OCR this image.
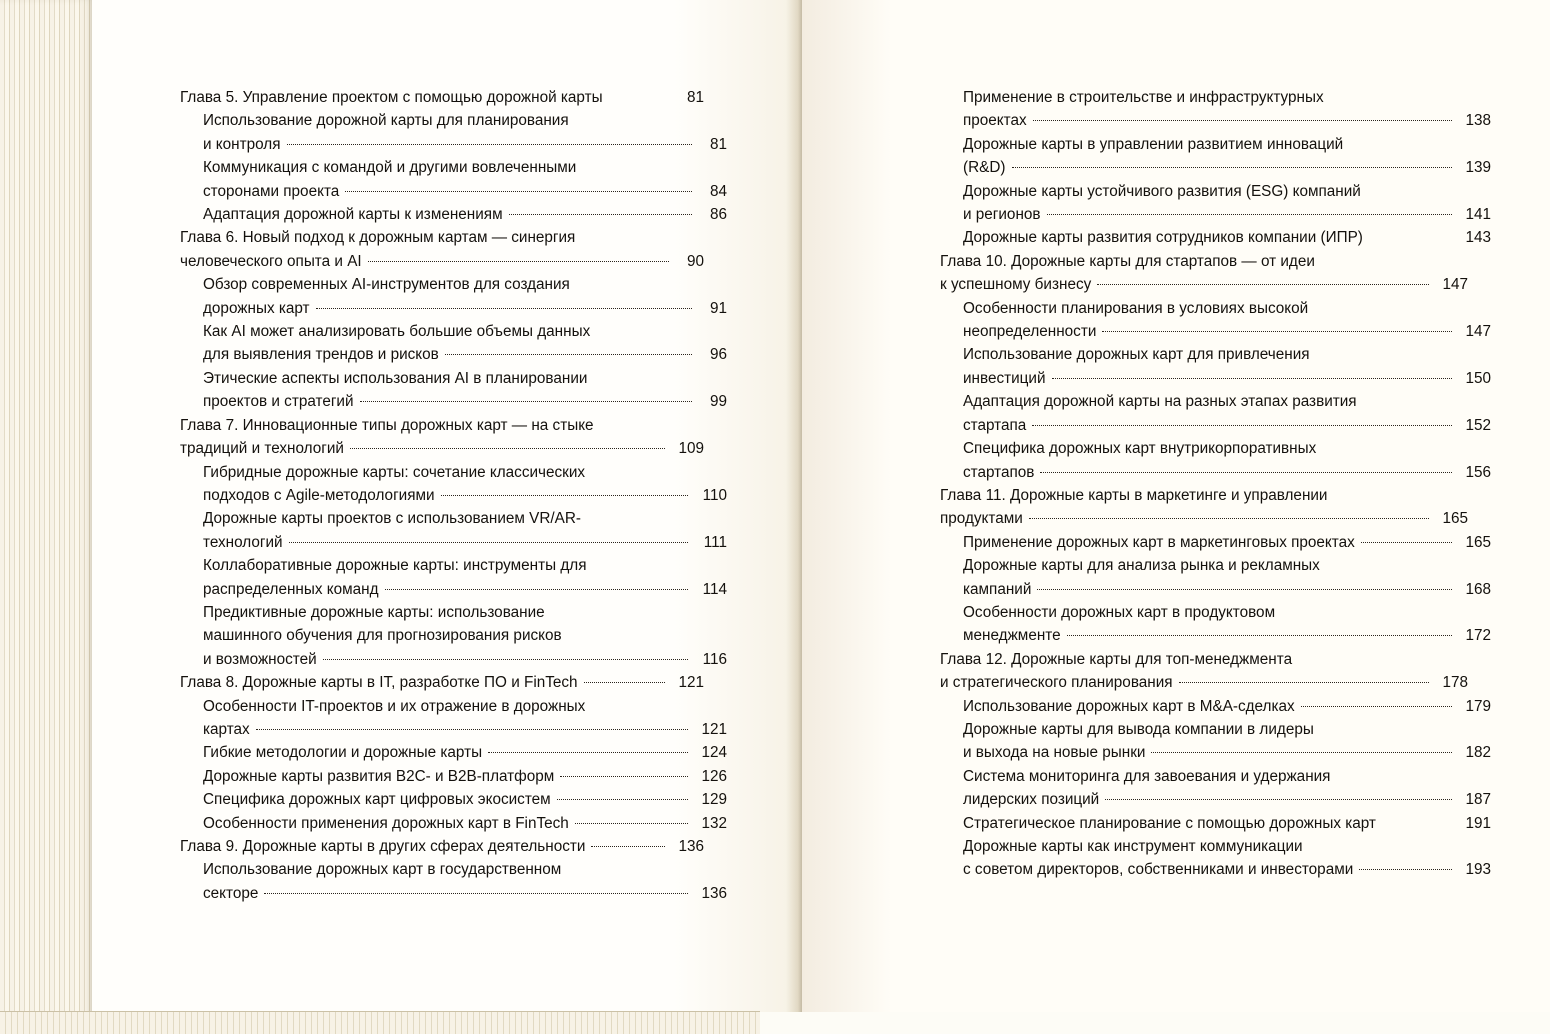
Глава 5. Управление проектом с помощью дорожной карты	81
Использование дорожной карты для планирования
и контроля	81
Коммуникация с командой и другими вовлеченными
сторонами проекта	84
Адаптация дорожной карты к изменениям	86
Глава 6. Новый подход к дорожным картам — синергия
человеческого опыта и AI	90
Обзор современных AI-инструментов для создания
дорожных карт	91
Как AI может анализировать большие объемы данных
для выявления трендов и рисков	96
Этические аспекты использования AI в планировании
проектов и стратегий	99
Глава 7. Инновационные типы дорожных карт — на стыке
традиций и технологий	109
Гибридные дорожные карты: сочетание классических
подходов с Agile-методологиями	110
Дорожные карты проектов с использованием VR/AR-
технологий	111
Коллаборативные дорожные карты: инструменты для
распределенных команд	114
Предиктивные дорожные карты: использование
машинного обучения для прогнозирования рисков
и возможностей	116
Глава 8. Дорожные карты в IT, разработке ПО и FinTech	121
Особенности IT-проектов и их отражение в дорожных
картах	121
Гибкие методологии и дорожные карты	124
Дорожные карты развития B2C- и B2B-платформ	126
Специфика дорожных карт цифровых экосистем	129
Особенности применения дорожных карт в FinTech	132
Глава 9. Дорожные карты в других сферах деятельности	136
Использование дорожных карт в государственном
секторе	136
Применение в строительстве и инфраструктурных
проектах	138
Дорожные карты в управлении развитием инноваций
(R&D)	139
Дорожные карты устойчивого развития (ESG) компаний
и регионов	141
Дорожные карты развития сотрудников компании (ИПР)	143
Глава 10. Дорожные карты для стартапов — от идеи
к успешному бизнесу	147
Особенности планирования в условиях высокой
неопределенности	147
Использование дорожных карт для привлечения
инвестиций	150
Адаптация дорожной карты на разных этапах развития
стартапа	152
Специфика дорожных карт внутрикорпоративных
стартапов	156
Глава 11. Дорожные карты в маркетинге и управлении
продуктами	165
Применение дорожных карт в маркетинговых проектах	165
Дорожные карты для анализа рынка и рекламных
кампаний	168
Особенности дорожных карт в продуктовом
менеджменте	172
Глава 12. Дорожные карты для топ-менеджмента
и стратегического планирования	178
Использование дорожных карт в M&A-сделках	179
Дорожные карты для вывода компании в лидеры
и выхода на новые рынки	182
Система мониторинга для завоевания и удержания
лидерских позиций	187
Стратегическое планирование с помощью дорожных карт	191
Дорожные карты как инструмент коммуникации
с советом директоров, собственниками и инвесторами	193
